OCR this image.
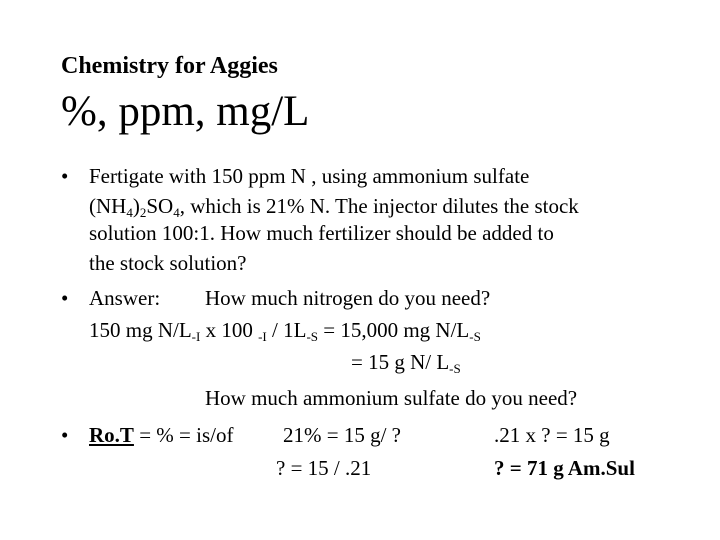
Chemistry for Aggies
%, ppm, mg/L
• Fertigate with 150 ppm N , using ammonium sulfate
$(NH_4)_2SO_4$, which is 21% N. The injector dilutes the stock
solution 100:1. How much fertilizer should be added to
the stock solution?
• Answer: How much nitrogen do you need?
150 mg $N/L_{-I}$ x 100 $_{-I} / 1L_{-S} = 15,000$ mg $N/L_{-S}$
= 15 g N/ $L_{-S}$
How much ammonium sulfate do you need?
• Ro.T = % = is/of 21% = 15 g/ ?	.21 x ? = 15 g
? = 15 / .21	? = 71 g Am.Sul
